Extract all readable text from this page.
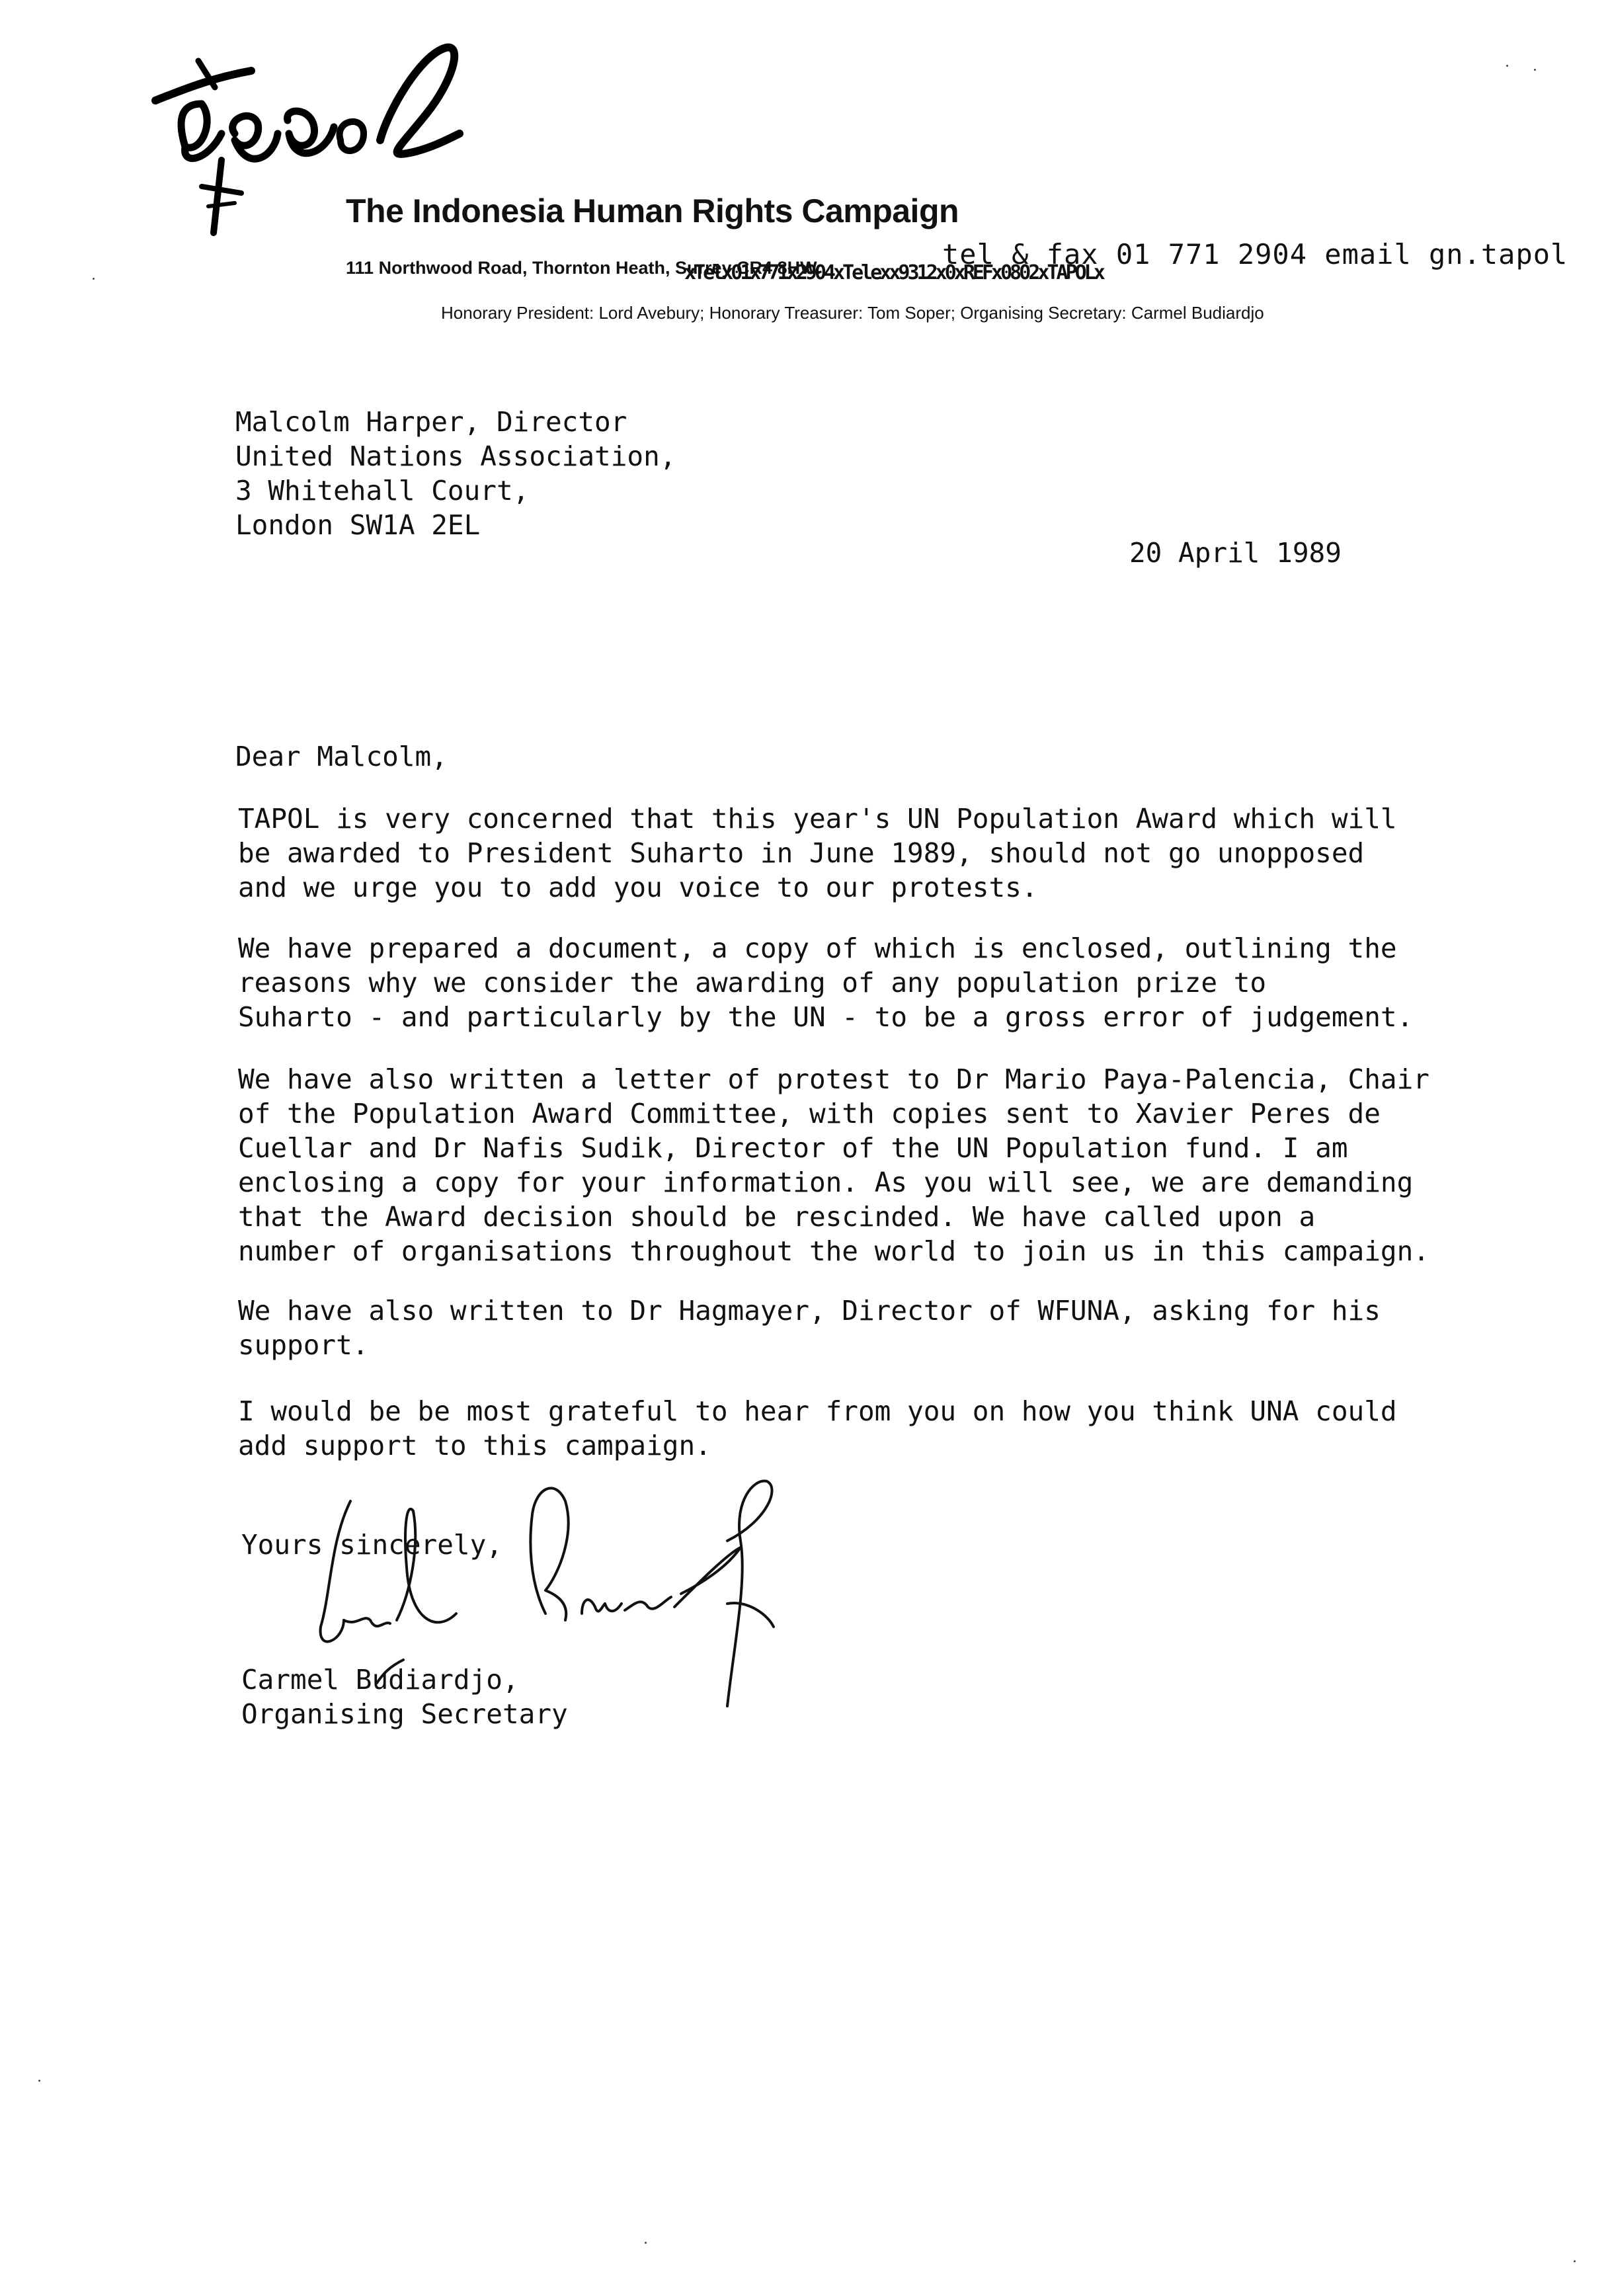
The Indonesia Human Rights Campaign
111 Northwood Road, Thornton Heath, Surrey CR4 8HW.
xTelx01x771x2904xTelexx9312x0xREFx0802xTAPOLx
tel & fax 01 771 2904 email gn.tapol
Honorary President: Lord Avebury; Honorary Treasurer: Tom Soper; Organising Secretary: Carmel Budiardjo
Malcolm Harper, Director
United Nations Association,
3 Whitehall Court,
London SW1A 2EL
20 April 1989
Dear Malcolm,
TAPOL is very concerned that this year's UN Population Award which will
be awarded to President Suharto in June 1989, should not go unopposed
and we urge you to add you voice to our protests.
We have prepared a document, a copy of which is enclosed, outlining the
reasons why we consider the awarding of any population prize to
Suharto - and particularly by the UN - to be a gross error of judgement.
We have also written a letter of protest to Dr Mario Paya-Palencia, Chair
of the Population Award Committee, with copies sent to Xavier Peres de
Cuellar and Dr Nafis Sudik, Director of the UN Population fund. I am
enclosing a copy for your information. As you will see, we are demanding
that the Award decision should be rescinded. We have called upon a
number of organisations throughout the world to join us in this campaign.
We have also written to Dr Hagmayer, Director of WFUNA, asking for his
support.
I would be be most grateful to hear from you on how you think UNA could
add support to this campaign.
Yours sincerely,
Carmel Budiardjo,
Organising Secretary
